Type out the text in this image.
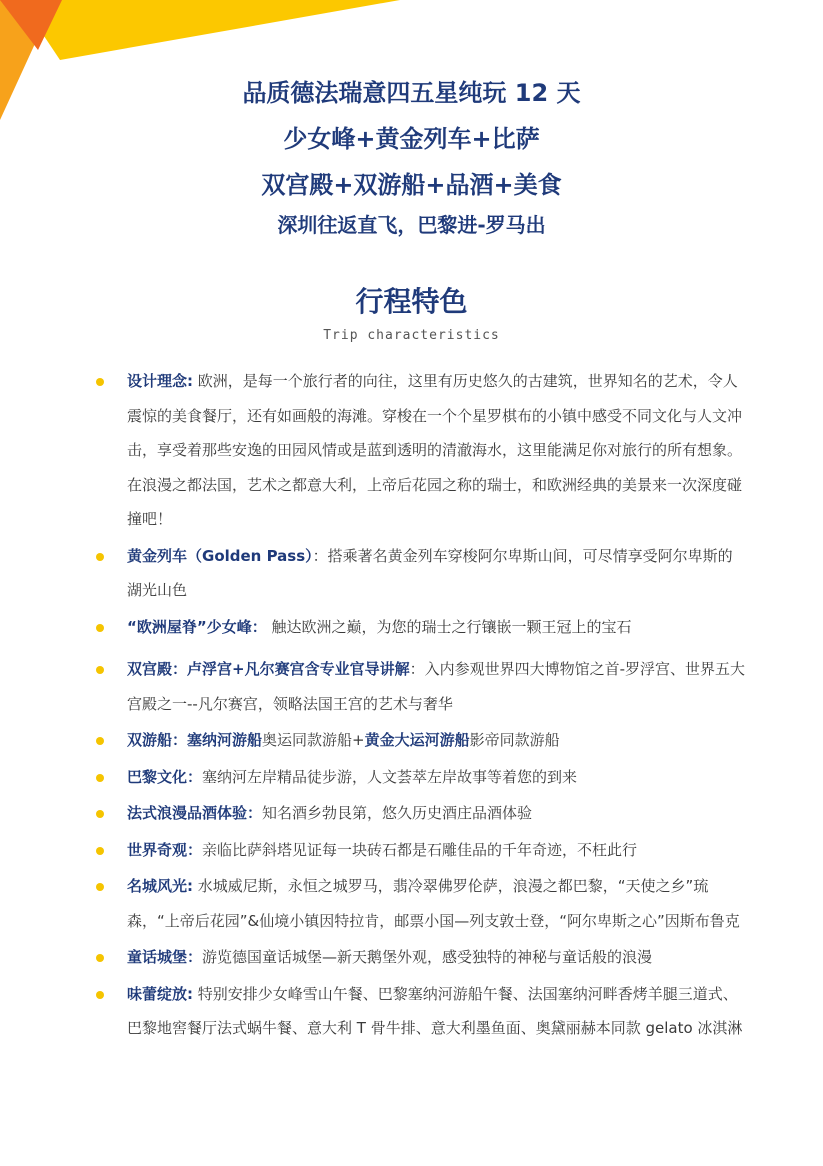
品质德法瑞意四五星纯玩 12 天
少女峰+黄金列车+比萨
双宫殿+双游船+品酒+美食
深圳往返直飞，巴黎进-罗马出
行程特色
Trip characteristics
设计理念: 欧洲，是每一个旅行者的向往，这里有历史悠久的古建筑，世界知名的艺术，令人震惊的美食餐厅，还有如画般的海滩。穿梭在一个个星罗棋布的小镇中感受不同文化与人文冲击，享受着那些安逸的田园风情或是蓝到透明的清澈海水，这里能满足你对旅行的所有想象。在浪漫之都法国，艺术之都意大利，上帝后花园之称的瑞士，和欧洲经典的美景来一次深度碰撞吧！
黄金列车（Golden Pass）：搭乘著名黄金列车穿梭阿尔卑斯山间，可尽情享受阿尔卑斯的湖光山色
“欧洲屋脊”少女峰： 触达欧洲之巅，为您的瑞士之行镶嵌一颗王冠上的宝石
双宫殿：卢浮宫+凡尔赛宫含专业官导讲解：入内参观世界四大博物馆之首-罗浮宫、世界五大宫殿之一--凡尔赛宫，领略法国王宫的艺术与奢华
双游船：塞纳河游船奥运同款游船+黄金大运河游船影帝同款游船
巴黎文化：塞纳河左岸精品徒步游，人文荟萃左岸故事等着您的到来
法式浪漫品酒体验：知名酒乡勃艮第，悠久历史酒庄品酒体验
世界奇观：亲临比萨斜塔见证每一块砖石都是石雕佳品的千年奇迹，不枉此行
名城风光: 水城威尼斯，永恒之城罗马，翡冷翠佛罗伦萨，浪漫之都巴黎，“天使之乡”琉森，“上帝后花园”&仙境小镇因特拉肯，邮票小国—列支敦士登，“阿尔卑斯之心”因斯布鲁克
童话城堡：游览德国童话城堡—新天鹅堡外观，感受独特的神秘与童话般的浪漫
味蕾绽放: 特别安排少女峰雪山午餐、巴黎塞纳河游船午餐、法国塞纳河畔香烤羊腿三道式、巴黎地窖餐厅法式蜗牛餐、意大利 T 骨牛排、意大利墨鱼面、奥黛丽赫本同款 gelato 冰淇淋
